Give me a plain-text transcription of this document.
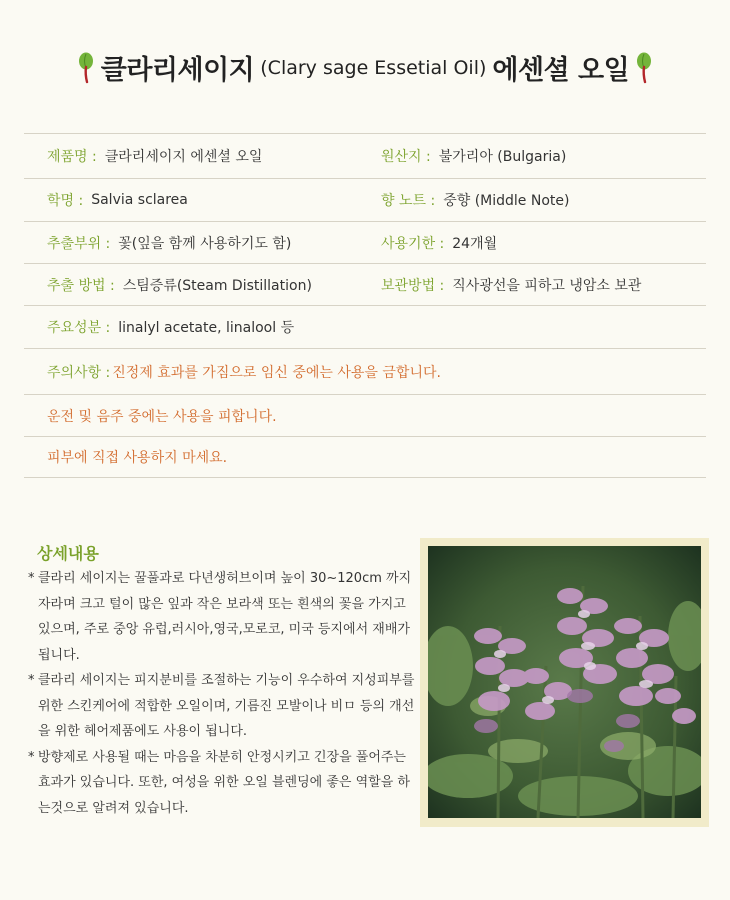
클라리세이지 (Clary sage Essetial Oil) 에센셜 오일
제품명 : 클라리세이지 에센셜 오일	원산지 : 불가리아 (Bulgaria)
학명 : Salvia sclarea	향 노트 : 중향 (Middle Note)
추출부위 : 꽃(잎을 함께 사용하기도 함)	사용기한 : 24개월
추출 방법 : 스팀증류(Steam Distillation)	보관방법 : 직사광선을 피하고 냉암소 보관
주요성분 : linalyl acetate, linalool 등
주의사항 : 진정제 효과를 가짐으로 임신 중에는 사용을 금합니다.
운전 및 음주 중에는 사용을 피합니다.
피부에 직접 사용하지 마세요.
상세내용
* 클라리 세이지는 꿀풀과로 다년생허브이며 높이 30~120cm 까지 자라며 크고 털이 많은 잎과 작은 보라색 또는 흰색의 꽃을 가지고 있으며, 주로 중앙 유럽,러시아,영국,모로코, 미국 등지에서 재배가 됩니다.
* 클라리 세이지는 피지분비를 조절하는 기능이 우수하여 지성피부를 위한 스킨케어에 적합한 오일이며, 기름진 모발이나 비ㅁ 등의 개선을 위한 헤어제품에도 사용이 됩니다.
* 방향제로 사용될 때는 마음을 차분히 안정시키고 긴장을 풀어주는 효과가 있습니다. 또한, 여성을 위한 오일 블렌딩에 좋은 역할을 하는것으로 알려져 있습니다.
